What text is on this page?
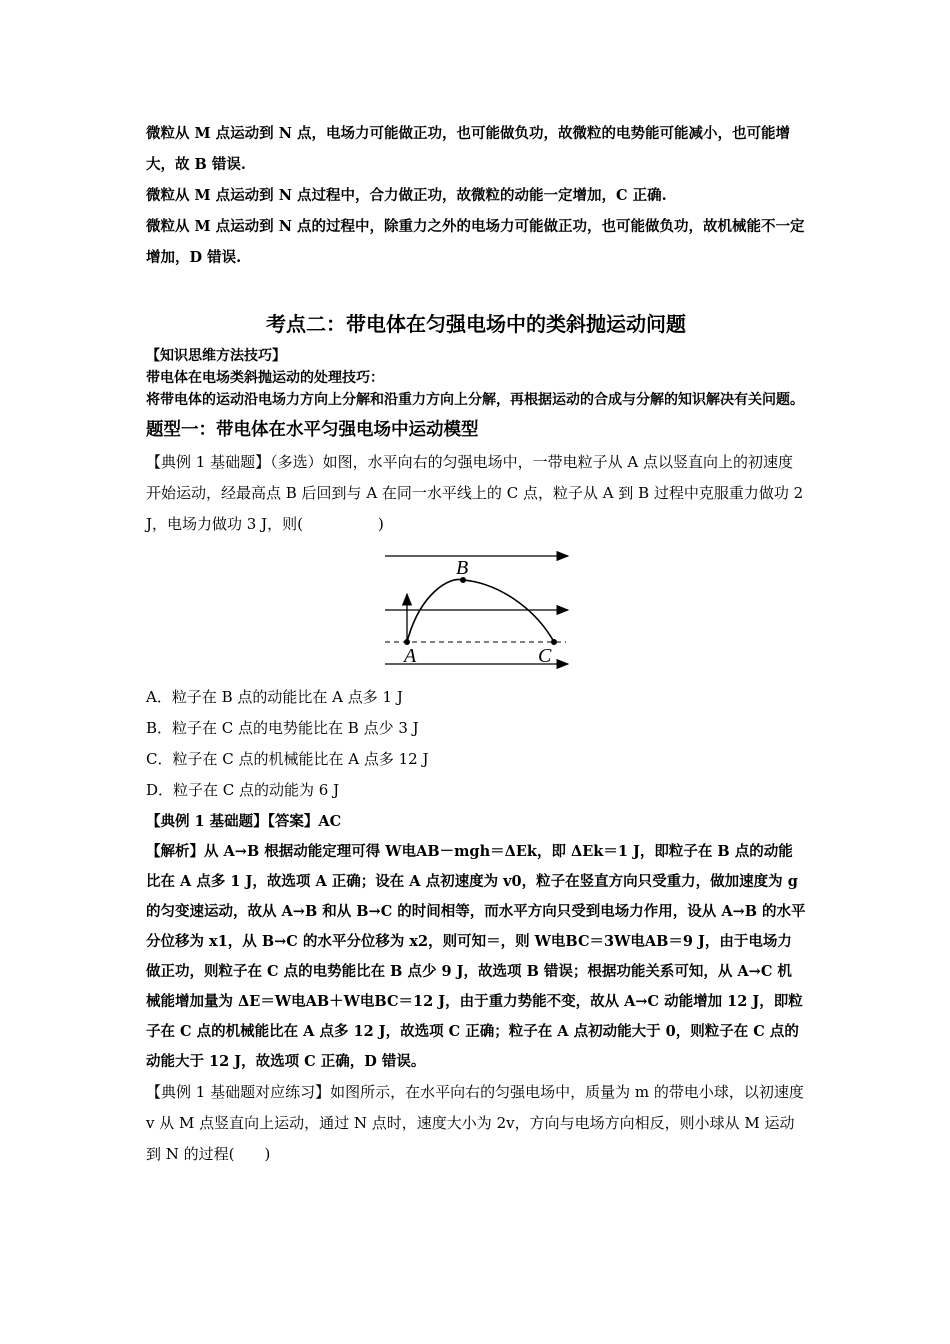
微粒从 M 点运动到 N 点，电场力可能做正功，也可能做负功，故微粒的电势能可能减小，也可能增大，故 B 错误.

微粒从 M 点运动到 N 点过程中，合力做正功，故微粒的动能一定增加，C 正确.

微粒从 M 点运动到 N 点的过程中，除重力之外的电场力可能做正功，也可能做负功，故机械能不一定增加，D 错误.

考点二：带电体在匀强电场中的类斜抛运动问题

【知识思维方法技巧】

带电体在电场类斜抛运动的处理技巧：

将带电体的运动沿电场力方向上分解和沿重力方向上分解，再根据运动的合成与分解的知识解决有关问题。

题型一：带电体在水平匀强电场中运动模型

【典例 1 基础题】（多选）如图，水平向右的匀强电场中，一带电粒子从 A 点以竖直向上的初速度开始运动，经最高点 B 后回到与 A 在同一水平线上的 C 点，粒子从 A 到 B 过程中克服重力做功 2 J，电场力做功 3 J，则(　　　　　)

B
A	C

A．粒子在 B 点的动能比在 A 点多 1 J

B．粒子在 C 点的电势能比在 B 点少 3 J

C．粒子在 C 点的机械能比在 A 点多 12 J

D．粒子在 C 点的动能为 6 J

【典例 1 基础题】【答案】AC

【解析】从 A→B 根据动能定理可得 W电AB－mgh＝ΔEk，即 ΔEk＝1 J，即粒子在 B 点的动能比在 A 点多 1 J，故选项 A 正确；设在 A 点初速度为 v0，粒子在竖直方向只受重力，做加速度为 g 的匀变速运动，故从 A→B 和从 B→C 的时间相等，而水平方向只受到电场力作用，设从 A→B 的水平分位移为 x1，从 B→C 的水平分位移为 x2，则可知＝，则 W电BC＝3W电AB＝9 J，由于电场力做正功，则粒子在 C 点的电势能比在 B 点少 9 J，故选项 B 错误；根据功能关系可知，从 A→C 机械能增加量为 ΔE＝W电AB＋W电BC＝12 J，由于重力势能不变，故从 A→C 动能增加 12 J，即粒子在 C 点的机械能比在 A 点多 12 J，故选项 C 正确；粒子在 A 点初动能大于 0，则粒子在 C 点的动能大于 12 J，故选项 C 正确，D 错误。

【典例 1 基础题对应练习】如图所示，在水平向右的匀强电场中，质量为 m 的带电小球，以初速度 v 从 M 点竖直向上运动，通过 N 点时，速度大小为 2v，方向与电场方向相反，则小球从 M 运动到 N 的过程(　　)
